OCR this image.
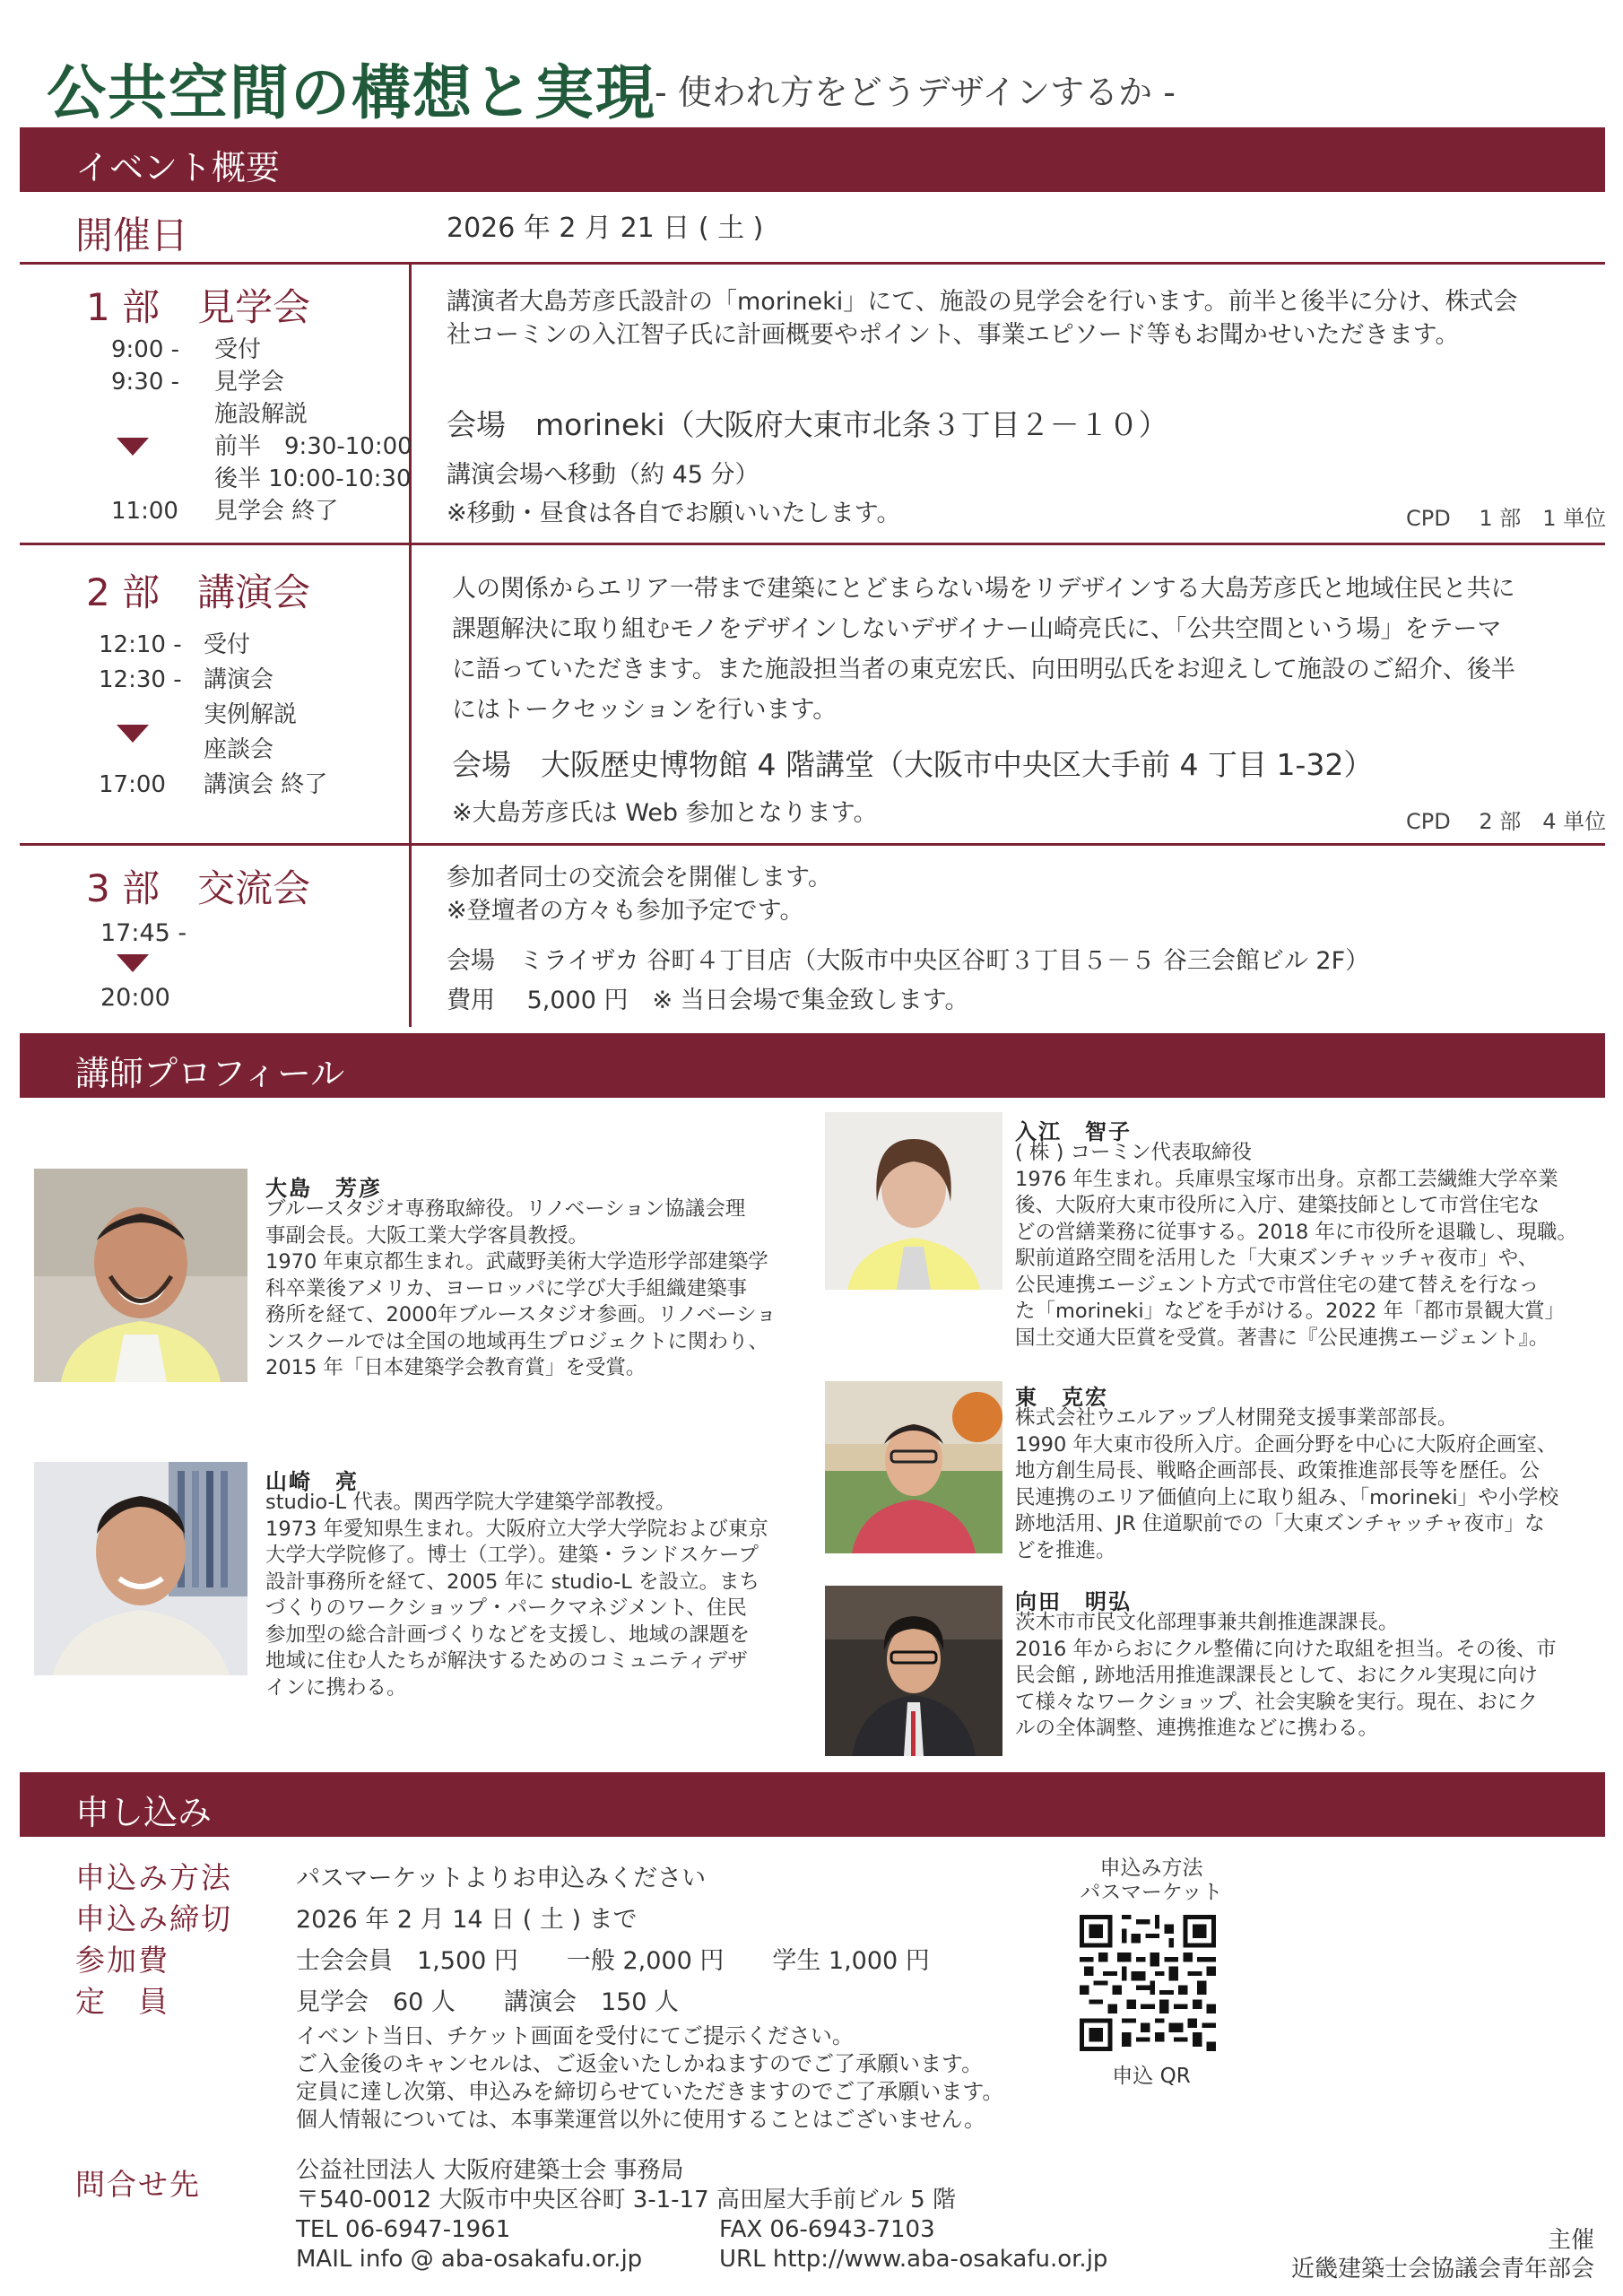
公共空間の構想と実現
- 使われ方をどうデザインするか -
イベント概要
開催日	2026 年 2 月 21 日 ( 土 )
1 部　見学会
9:00 -	受付
9:30 -	見学会
施設解説
前半　9:30-10:00
後半 10:00-10:30
11:00	見学会 終了
講演者大島芳彦氏設計の「morineki」にて、施設の見学会を行います。前半と後半に分け、株式会
社コーミンの入江智子氏に計画概要やポイント、事業エピソード等もお聞かせいただきます。
会場　morineki（大阪府大東市北条３丁目２－１０）
講演会場へ移動（約 45 分）
※移動・昼食は各自でお願いいたします。	CPD　 1 部　1 単位
2 部　講演会
12:10 - 受付
12:30 - 講演会
実例解説
座談会
17:00	講演会 終了
人の関係からエリア一帯まで建築にとどまらない場をリデザインする大島芳彦氏と地域住民と共に
課題解決に取り組むモノをデザインしないデザイナー山崎亮氏に、「公共空間という場」をテーマ
に語っていただきます。また施設担当者の東克宏氏、向田明弘氏をお迎えして施設のご紹介、後半
にはトークセッションを行います。
会場　大阪歴史博物館 4 階講堂（大阪市中央区大手前 4 丁目 1-32）
※大島芳彦氏は Web 参加となります。	CPD　 2 部　4 単位
3 部　交流会
17:45 -
20:00
参加者同士の交流会を開催します。
※登壇者の方々も参加予定です。
会場　ミライザカ 谷町４丁目店（大阪市中央区谷町３丁目５－５ 谷三会館ビル 2F）
費用　 5,000 円　※ 当日会場で集金致します。
講師プロフィール
大島　芳彦
ブルースタジオ専務取締役。リノベーション協議会理
事副会長。大阪工業大学客員教授。
1970 年東京都生まれ。武蔵野美術大学造形学部建築学
科卒業後アメリカ、ヨーロッパに学び大手組織建築事
務所を経て、2000年ブルースタジオ参画。リノベーショ
ンスクールでは全国の地域再生プロジェクトに関わり、
2015 年「日本建築学会教育賞」を受賞。
山崎　亮
studio-L 代表。関西学院大学建築学部教授。
1973 年愛知県生まれ。大阪府立大学大学院および東京
大学大学院修了。博士（工学）。建築・ランドスケープ
設計事務所を経て、2005 年に studio-L を設立。まち
づくりのワークショップ・パークマネジメント、住民
参加型の総合計画づくりなどを支援し、地域の課題を
地域に住む人たちが解決するためのコミュニティデザ
インに携わる。
入江　智子
( 株 ) コーミン代表取締役
1976 年生まれ。兵庫県宝塚市出身。京都工芸繊維大学卒業
後、大阪府大東市役所に入庁、建築技師として市営住宅な
どの営繕業務に従事する。2018 年に市役所を退職し、現職。
駅前道路空間を活用した「大東ズンチャッチャ夜市」や、
公民連携エージェント方式で市営住宅の建て替えを行なっ
た「morineki」などを手がける。2022 年「都市景観大賞」
国土交通大臣賞を受賞。著書に『公民連携エージェント』。
東　克宏
株式会社ウエルアップ人材開発支援事業部部長。
1990 年大東市役所入庁。企画分野を中心に大阪府企画室、
地方創生局長、戦略企画部長、政策推進部長等を歴任。公
民連携のエリア価値向上に取り組み、「morineki」や小学校
跡地活用、JR 住道駅前での「大東ズンチャッチャ夜市」な
どを推進。
向田　明弘
茨木市市民文化部理事兼共創推進課課長。
2016 年からおにクル整備に向けた取組を担当。その後、市
民会館 , 跡地活用推進課課長として、おにクル実現に向け
て様々なワークショップ、社会実験を実行。現在、おにク
ルの全体調整、連携推進などに携わる。
申し込み
申込み方法	パスマーケットよりお申込みください
申込み締切	2026 年 2 月 14 日 ( 土 ) まで
参加費	士会会員　1,500 円　　一般 2,000 円　　学生 1,000 円
定　員	見学会　60 人　　講演会　150 人
イベント当日、チケット画面を受付にてご提示ください。
ご入金後のキャンセルは、ご返金いたしかねますのでご了承願います。
定員に達し次第、申込みを締切らせていただきますのでご了承願います。
個人情報については、本事業運営以外に使用することはございません。
申込み方法
パスマーケット
申込 QR
問合せ先	公益社団法人 大阪府建築士会 事務局
〒540-0012 大阪市中央区谷町 3-1-17 高田屋大手前ビル 5 階
TEL 06-6947-1961	FAX 06-6943-7103
MAIL info @ aba-osakafu.or.jp	URL http://www.aba-osakafu.or.jp
主催
近畿建築士会協議会青年部会
